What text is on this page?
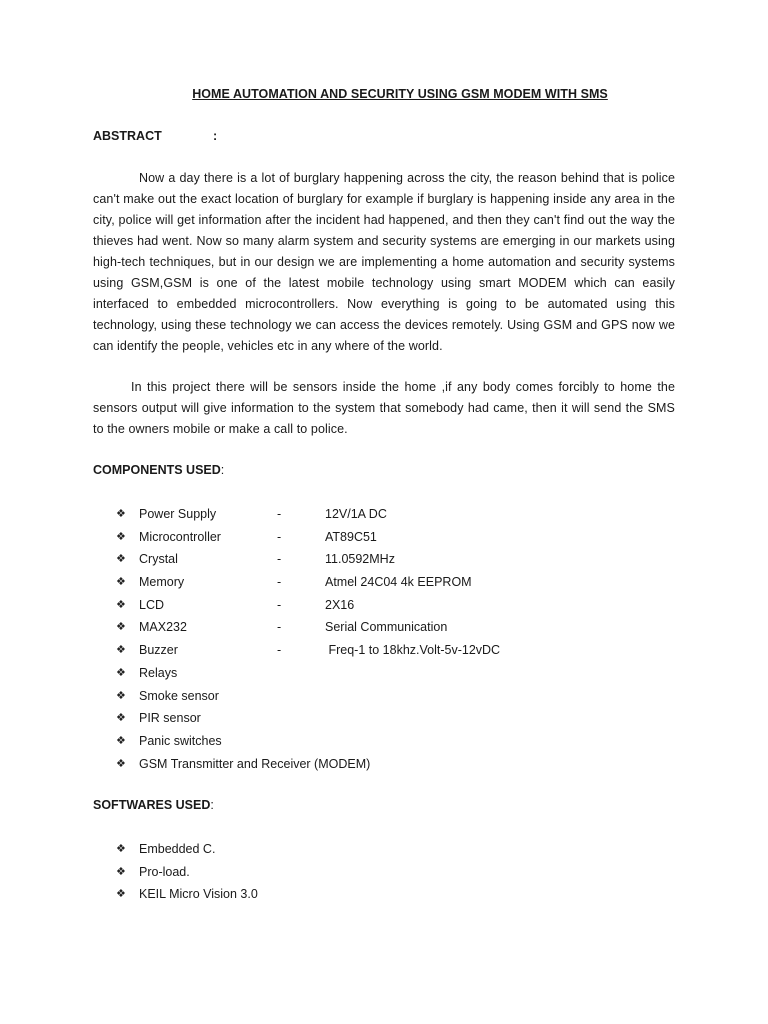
HOME AUTOMATION AND SECURITY USING GSM MODEM WITH SMS
ABSTRACT	:
Now a day there is a lot of burglary happening across the city, the reason behind that is police can't make out the exact location of burglary for example if burglary is happening inside any area in the city, police will get information after the incident had happened, and then they can't find out the way the thieves had went. Now so many alarm system and security systems are emerging in our markets using high-tech techniques, but in our design we are implementing a home automation and security systems using GSM,GSM is one of the latest mobile technology using smart MODEM which can easily interfaced to embedded microcontrollers. Now everything is going to be automated using this technology, using these technology we can access the devices remotely. Using GSM and GPS now we can identify the people, vehicles etc in any where of the world.
In this project there will be sensors inside the home ,if any body comes forcibly to home the sensors output will give information to the system that somebody had came, then it will send the SMS to the owners mobile or make a call to police.
COMPONENTS USED:
❖ Power Supply	-	12V/1A DC
❖ Microcontroller	-	AT89C51
❖ Crystal	-	11.0592MHz
❖ Memory	-	Atmel 24C04 4k EEPROM
❖ LCD	-	2X16
❖ MAX232	-	Serial Communication
❖ Buzzer	-	Freq-1 to 18khz.Volt-5v-12vDC
❖ Relays
❖ Smoke sensor
❖ PIR sensor
❖ Panic switches
❖ GSM Transmitter and Receiver (MODEM)
SOFTWARES USED:
❖ Embedded C.
❖ Pro-load.
❖ KEIL Micro Vision 3.0
